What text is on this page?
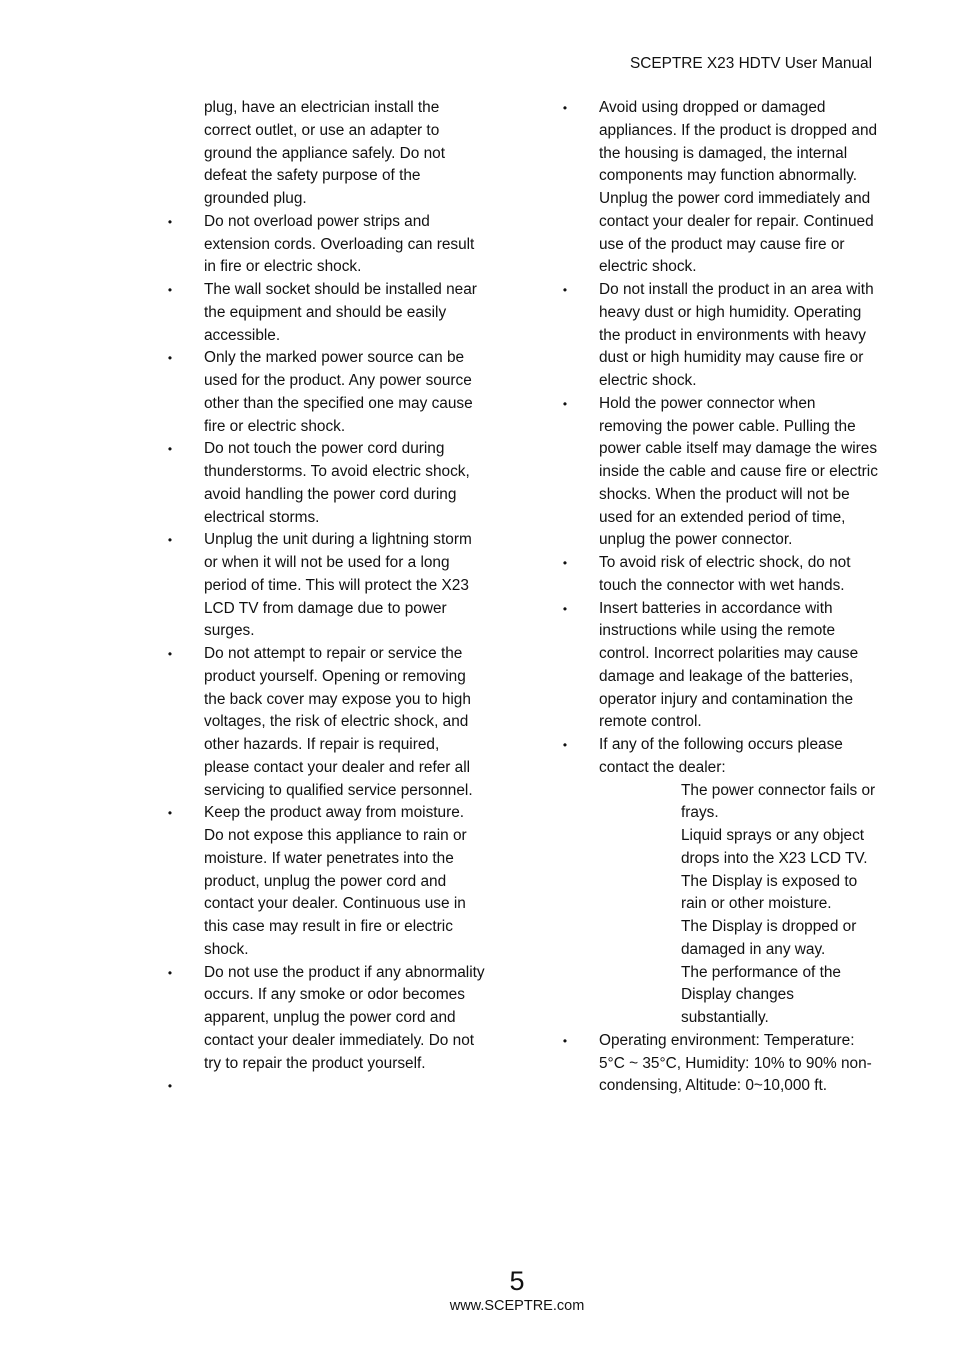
SCEPTRE X23 HDTV User Manual

plug, have an electrician install the correct outlet, or use an adapter to ground the appliance safely. Do not defeat the safety purpose of the grounded plug.

•
Do not overload power strips and extension cords. Overloading can result in fire or electric shock.
•
The wall socket should be installed near the equipment and should be easily accessible.
•
Only the marked power source can be used for the product. Any power source other than the specified one may cause fire or electric shock.
•
Do not touch the power cord during thunderstorms. To avoid electric shock, avoid handling the power cord during electrical storms.
•
Unplug the unit during a lightning storm or when it will not be used for a long period of time. This will protect the X23 LCD TV from damage due to power surges.
•
Do not attempt to repair or service the product yourself. Opening or removing the back cover may expose you to high voltages, the risk of electric shock, and other hazards. If repair is required, please contact your dealer and refer all servicing to qualified service personnel.
•
Keep the product away from moisture. Do not expose this appliance to rain or moisture. If water penetrates into the product, unplug the power cord and contact your dealer. Continuous use in this case may result in fire or electric shock.
•
Do not use the product if any abnormality occurs. If any smoke or odor becomes apparent, unplug the power cord and contact your dealer immediately. Do not try to repair the product yourself.
•
•
Avoid using dropped or damaged appliances. If the product is dropped and the housing is damaged, the internal components may function abnormally. Unplug the power cord immediately and contact your dealer for repair. Continued use of the product may cause fire or electric shock.
•
Do not install the product in an area with heavy dust or high humidity. Operating the product in environments with heavy dust or high humidity may cause fire or electric shock.
•
Hold the power connector when removing the power cable. Pulling the power cable itself may damage the wires inside the cable and cause fire or electric shocks. When the product will not be used for an extended period of time, unplug the power connector.
•
To avoid risk of electric shock, do not touch the connector with wet hands.
•
Insert batteries in accordance with instructions while using the remote control. Incorrect polarities may cause damage and leakage of the batteries, operator injury and contamination the remote control.
•
If any of the following occurs please contact the dealer:
The power connector fails or frays.
Liquid sprays or any object drops into the X23 LCD TV.
The Display is exposed to rain or other moisture.
The Display is dropped or damaged in any way.
The performance of the Display changes substantially.
•
Operating environment: Temperature: 5°C ~ 35°C, Humidity: 10% to 90% non-condensing, Altitude: 0~10,000 ft.
5
www.SCEPTRE.com
